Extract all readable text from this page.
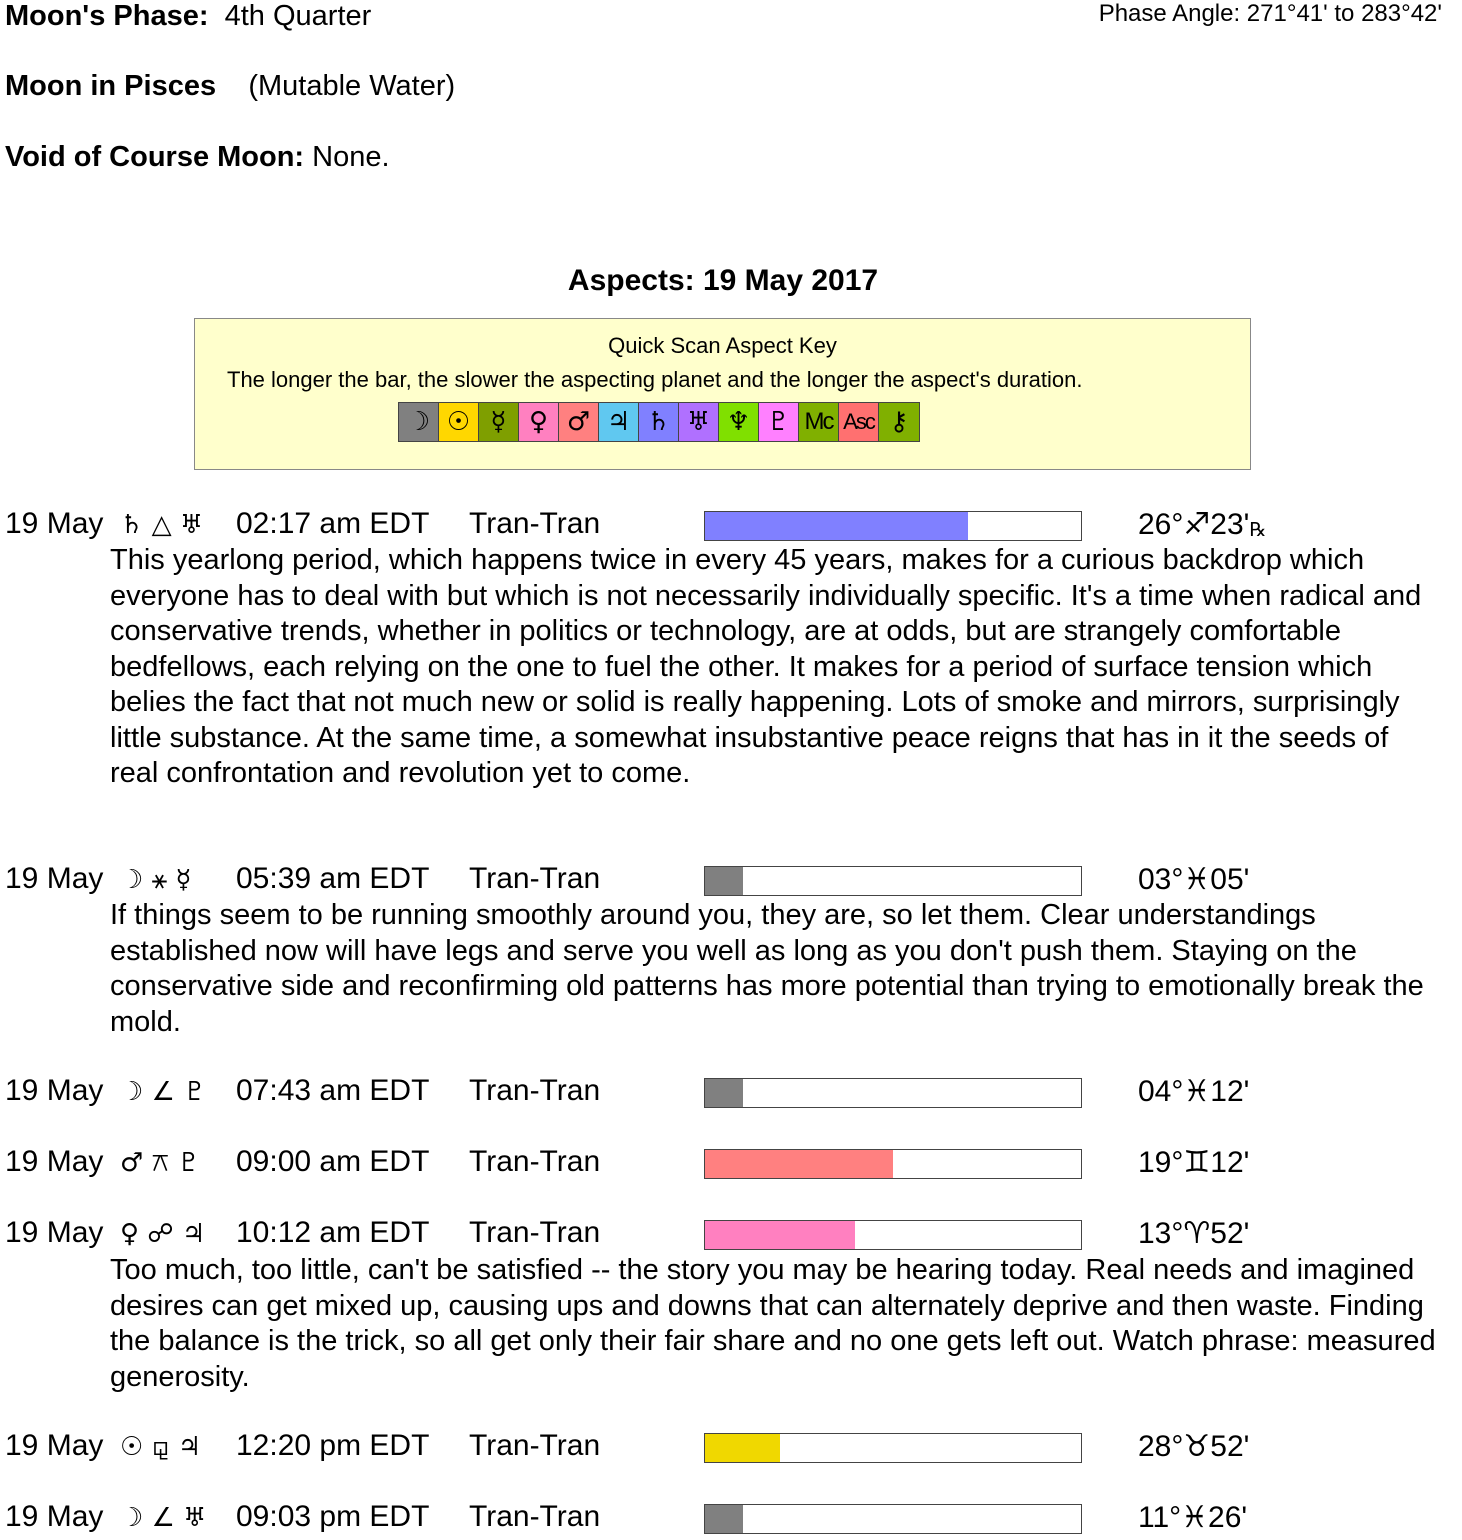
Moon's Phase: 4th Quarter	Phase Angle: 271°41' to 283°42'
Moon in Pisces (Mutable Water)
Void of Course Moon: None.
Aspects: 19 May 2017
Quick Scan Aspect Key
The longer the bar, the slower the aspecting planet and the longer the aspect's duration.
☽ ☉ ☿ ♀ ♂ ♃ ♄ ♅ ♆ ♇ Mc Asc ⚷
19 May ♄ △ ♅ 02:17 am EDT Tran-Tran	26°♐23'℞
This yearlong period, which happens twice in every 45 years, makes for a curious backdrop which everyone has to deal with but which is not necessarily individually specific. It's a time when radical and conservative trends, whether in politics or technology, are at odds, but are strangely comfortable bedfellows, each relying on the one to fuel the other. It makes for a period of surface tension which belies the fact that not much new or solid is really happening. Lots of smoke and mirrors, surprisingly little substance. At the same time, a somewhat insubstantive peace reigns that has in it the seeds of real confrontation and revolution yet to come.
19 May ☽ ⚹ ☿ 05:39 am EDT Tran-Tran	03°♓05'
If things seem to be running smoothly around you, they are, so let them. Clear understandings established now will have legs and serve you well as long as you don't push them. Staying on the conservative side and reconfirming old patterns has more potential than trying to emotionally break the mold.
19 May ☽ ∠ ♇ 07:43 am EDT Tran-Tran	04°♓12'
19 May ♂ ⚻ ♇ 09:00 am EDT Tran-Tran	19°♊12'
19 May ♀ ☍ ♃ 10:12 am EDT Tran-Tran	13°♈52'
Too much, too little, can't be satisfied -- the story you may be hearing today. Real needs and imagined desires can get mixed up, causing ups and downs that can alternately deprive and then waste. Finding the balance is the trick, so all get only their fair share and no one gets left out. Watch phrase: measured generosity.
19 May ☉ ⚼ ♃ 12:20 pm EDT Tran-Tran	28°♉52'
19 May ☽ ∠ ♅ 09:03 pm EDT Tran-Tran	11°♓26'
